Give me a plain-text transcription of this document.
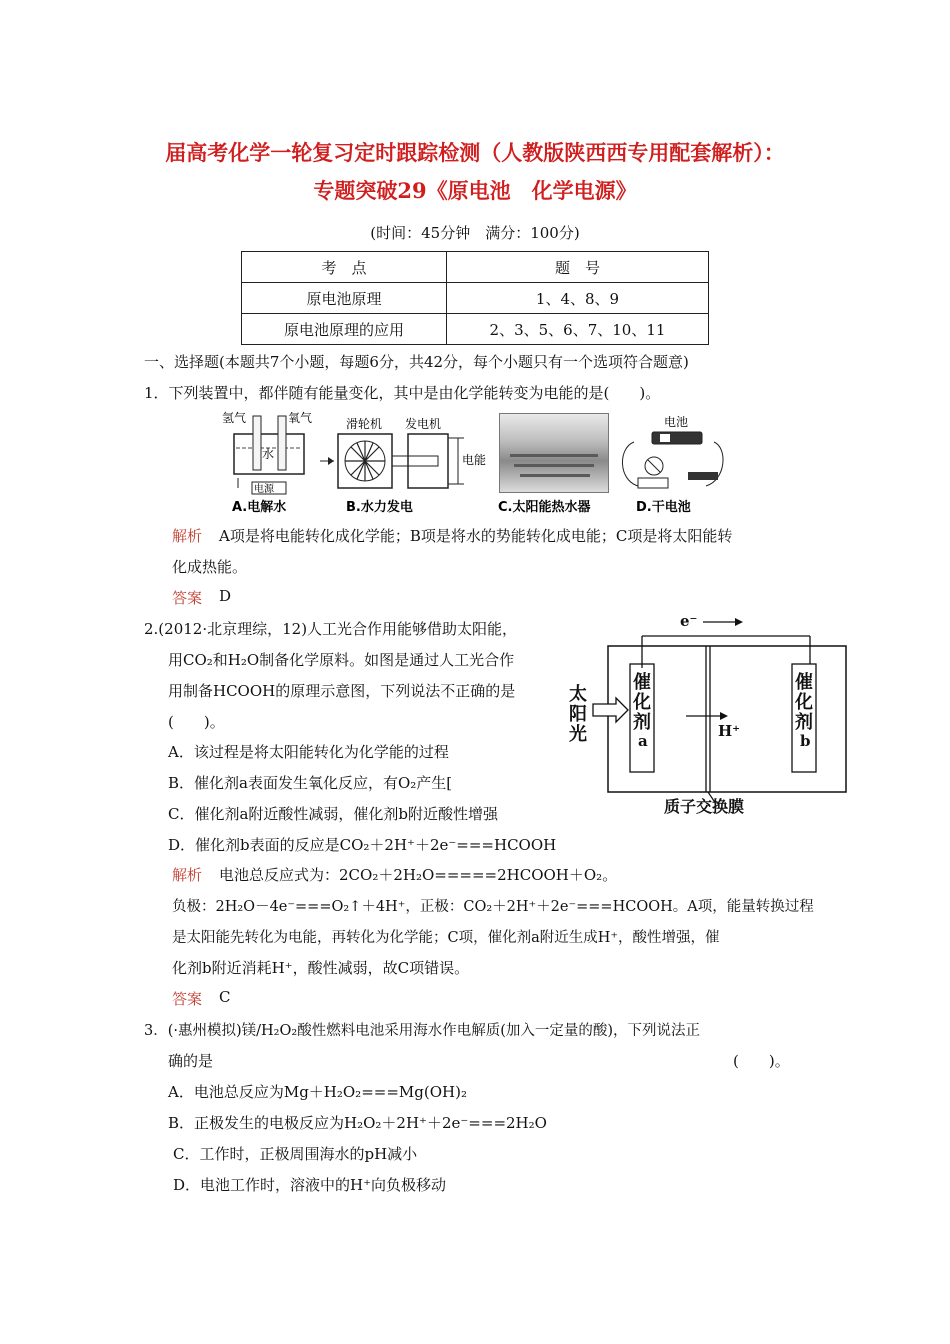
届高考化学一轮复习定时跟踪检测（人教版陕西西专用配套解析）：
专题突破29《原电池　化学电源》
(时间：45分钟　满分：100分)
考　点	题　号
原电池原理	1、4、8、9
原电池原理的应用	2、3、5、6、7、10、11
一、选择题(本题共7个小题，每题6分，共42分，每个小题只有一个选项符合题意)
1．下列装置中，都伴随有能量变化，其中是由化学能转变为电能的是(　　)。
氢气	氧气
水
电源
滑轮机 发电机
电能
电池
A.电解水	B.水力发电	C.太阳能热水器	D.干电池
解析 A项是将电能转化成化学能；B项是将水的势能转化成电能；C项是将太阳能转
化成热能。
答案 D
2.(2012·北京理综，12)人工光合作用能够借助太阳能，
用CO₂和H₂O制备化学原料。如图是通过人工光合作
用制备HCOOH的原理示意图，下列说法不正确的是
(　　)。
A．该过程是将太阳能转化为化学能的过程
B．催化剂a表面发生氧化反应，有O₂产生[
C．催化剂a附近酸性减弱，催化剂b附近酸性增强
D．催化剂b表面的反应是CO₂＋2H⁺＋2e⁻===HCOOH
e⁻
催
化
剂
a
催
化
剂
b
太
阳
光	H⁺
质子交换膜
解析 电池总反应式为：2CO₂＋2H₂O=====2HCOOH＋O₂。
负极：2H₂O－4e⁻===O₂↑＋4H⁺，正极：CO₂＋2H⁺＋2e⁻===HCOOH。A项，能量转换过程
是太阳能先转化为电能，再转化为化学能；C项，催化剂a附近生成H⁺，酸性增强，催
化剂b附近消耗H⁺，酸性减弱，故C项错误。
答案 C
3．(·惠州模拟)镁/H₂O₂酸性燃料电池采用海水作电解质(加入一定量的酸)，下列说法正
确的是	(　　)。
A．电池总反应为Mg＋H₂O₂===Mg(OH)₂
B．正极发生的电极反应为H₂O₂＋2H⁺＋2e⁻===2H₂O
C．工作时，正极周围海水的pH减小
D．电池工作时，溶液中的H⁺向负极移动
